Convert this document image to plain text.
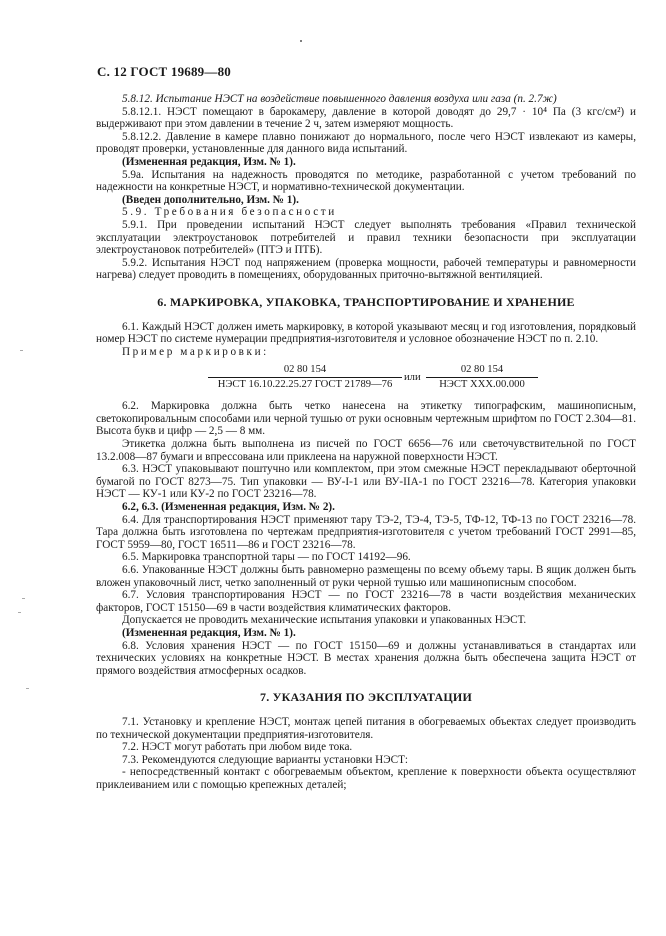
С. 12 ГОСТ 19689—80

5.8.12. Испытание НЭСТ на воздействие повышенного давления воздуха или газа (п. 2.7ж)

5.8.12.1. НЭСТ помещают в барокамеру, давление в которой доводят до 29,7 · 10⁴ Па (3 кгс/см²) и выдерживают при этом давлении в течение 2 ч, затем измеряют мощность.

5.8.12.2. Давление в камере плавно понижают до нормального, после чего НЭСТ извлекают из камеры, проводят проверки, установленные для данного вида испытаний.

(Измененная редакция, Изм. № 1).

5.9а. Испытания на надежность проводятся по методике, разработанной с учетом требований по надежности на конкретные НЭСТ, и нормативно-технической документации.

(Введен дополнительно, Изм. № 1).

5.9. Требования безопасности

5.9.1. При проведении испытаний НЭСТ следует выполнять требования «Правил технической эксплуатации электроустановок потребителей и правил техники безопасности при эксплуатации электроустановок потребителей» (ПТЭ и ПТБ).

5.9.2. Испытания НЭСТ под напряжением (проверка мощности, рабочей температуры и равномерности нагрева) следует проводить в помещениях, оборудованных приточно-вытяжной вентиляцией.

6. МАРКИРОВКА, УПАКОВКА, ТРАНСПОРТИРОВАНИЕ И ХРАНЕНИЕ

6.1. Каждый НЭСТ должен иметь маркировку, в которой указывают месяц и год изготовления, порядковый номер НЭСТ по системе нумерации предприятия-изготовителя и условное обозначение НЭСТ по п. 2.10.

Пример маркировки:

02 80 154
НЭСТ 16.10.22.25.27 ГОСТ 21789—76
или
02 80 154
НЭСТ ХХХ.00.000

6.2. Маркировка должна быть четко нанесена на этикетку типографским, машинописным, светокопировальным способами или черной тушью от руки основным чертежным шрифтом по ГОСТ 2.304—81. Высота букв и цифр — 2,5 — 8 мм.

Этикетка должна быть выполнена из писчей по ГОСТ 6656—76 или светочувствительной по ГОСТ 13.2.008—87 бумаги и впрессована или приклеена на наружной поверхности НЭСТ.

6.3. НЭСТ упаковывают поштучно или комплектом, при этом смежные НЭСТ перекладывают оберточной бумагой по ГОСТ 8273—75. Тип упаковки — ВУ-I-1 или ВУ-IIА-1 по ГОСТ 23216—78. Категория упаковки НЭСТ — КУ-1 или КУ-2 по ГОСТ 23216—78.

6.2, 6.3. (Измененная редакция, Изм. № 2).

6.4. Для транспортирования НЭСТ применяют тару ТЭ-2, ТЭ-4, ТЭ-5, ТФ-12, ТФ-13 по ГОСТ 23216—78. Тара должна быть изготовлена по чертежам предприятия-изготовителя с учетом требований ГОСТ 2991—85, ГОСТ 5959—80, ГОСТ 16511—86 и ГОСТ 23216—78.

6.5. Маркировка транспортной тары — по ГОСТ 14192—96.

6.6. Упакованные НЭСТ должны быть равномерно размещены по всему объему тары. В ящик должен быть вложен упаковочный лист, четко заполненный от руки черной тушью или машинописным способом.

6.7. Условия транспортирования НЭСТ — по ГОСТ 23216—78 в части воздействия механических факторов, ГОСТ 15150—69 в части воздействия климатических факторов.

Допускается не проводить механические испытания упаковки и упакованных НЭСТ.

(Измененная редакция, Изм. № 1).

6.8. Условия хранения НЭСТ — по ГОСТ 15150—69 и должны устанавливаться в стандартах или технических условиях на конкретные НЭСТ. В местах хранения должна быть обеспечена защита НЭСТ от прямого воздействия атмосферных осадков.

7. УКАЗАНИЯ ПО ЭКСПЛУАТАЦИИ

7.1. Установку и крепление НЭСТ, монтаж цепей питания в обогреваемых объектах следует производить по технической документации предприятия-изготовителя.

7.2. НЭСТ могут работать при любом виде тока.

7.3. Рекомендуются следующие варианты установки НЭСТ:

- непосредственный контакт с обогреваемым объектом, крепление к поверхности объекта осуществляют приклеиванием или с помощью крепежных деталей;
